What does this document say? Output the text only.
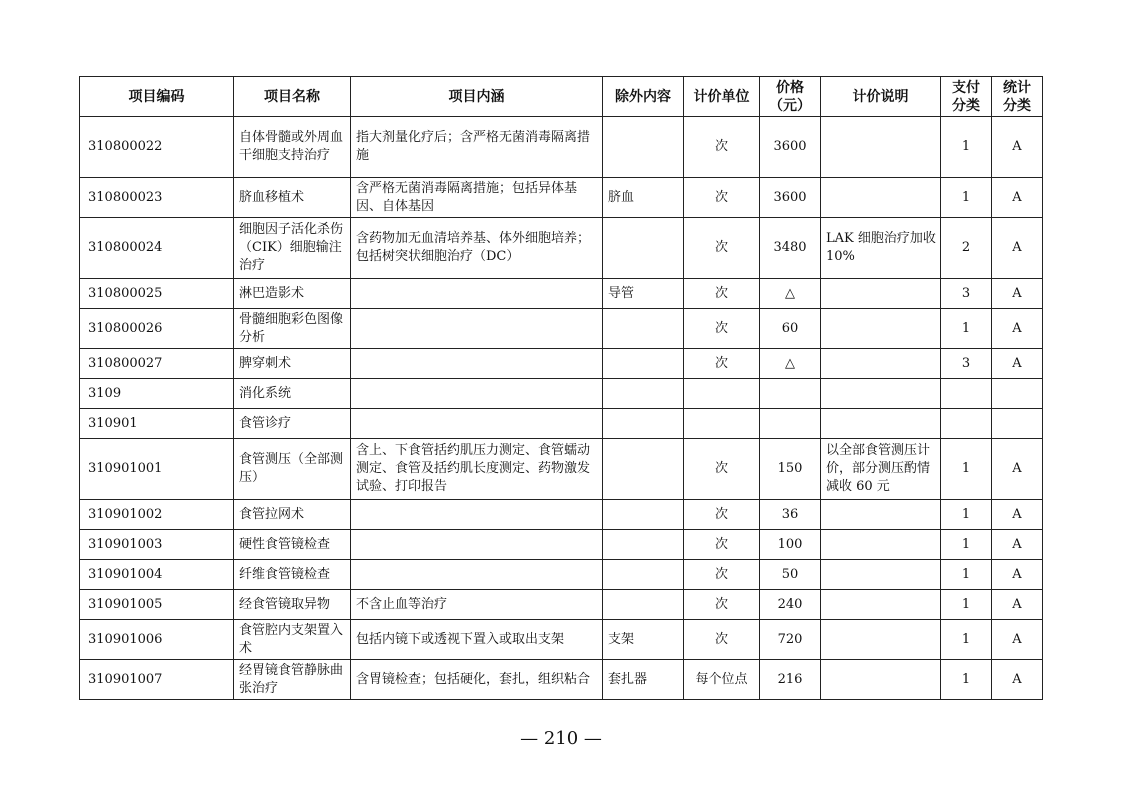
项目编码	项目名称	项目内涵	除外内容	计价单位	价格（元）	计价说明	支付分类	统计分类
310800022	自体骨髓或外周血干细胞支持治疗	指大剂量化疗后；含严格无菌消毒隔离措施		次	3600		1	A
310800023	脐血移植术	含严格无菌消毒隔离措施；包括异体基因、自体基因	脐血	次	3600		1	A
310800024	细胞因子活化杀伤（CIK）细胞输注治疗	含药物加无血清培养基、体外细胞培养；包括树突状细胞治疗（DC）		次	3480	LAK 细胞治疗加收 10%	2	A
310800025	淋巴造影术		导管	次	△		3	A
310800026	骨髓细胞彩色图像分析			次	60		1	A
310800027	脾穿刺术			次	△		3	A
3109	消化系统							
310901	食管诊疗							
310901001	食管测压（全部测压）	含上、下食管括约肌压力测定、食管蠕动测定、食管及括约肌长度测定、药物激发试验、打印报告		次	150	以全部食管测压计价，部分测压酌情减收 60 元	1	A
310901002	食管拉网术			次	36		1	A
310901003	硬性食管镜检查			次	100		1	A
310901004	纤维食管镜检查			次	50		1	A
310901005	经食管镜取异物	不含止血等治疗		次	240		1	A
310901006	食管腔内支架置入术	包括内镜下或透视下置入或取出支架	支架	次	720		1	A
310901007	经胃镜食管静脉曲张治疗	含胃镜检查；包括硬化，套扎，组织粘合	套扎器	每个位点	216		1	A
— 210 —
